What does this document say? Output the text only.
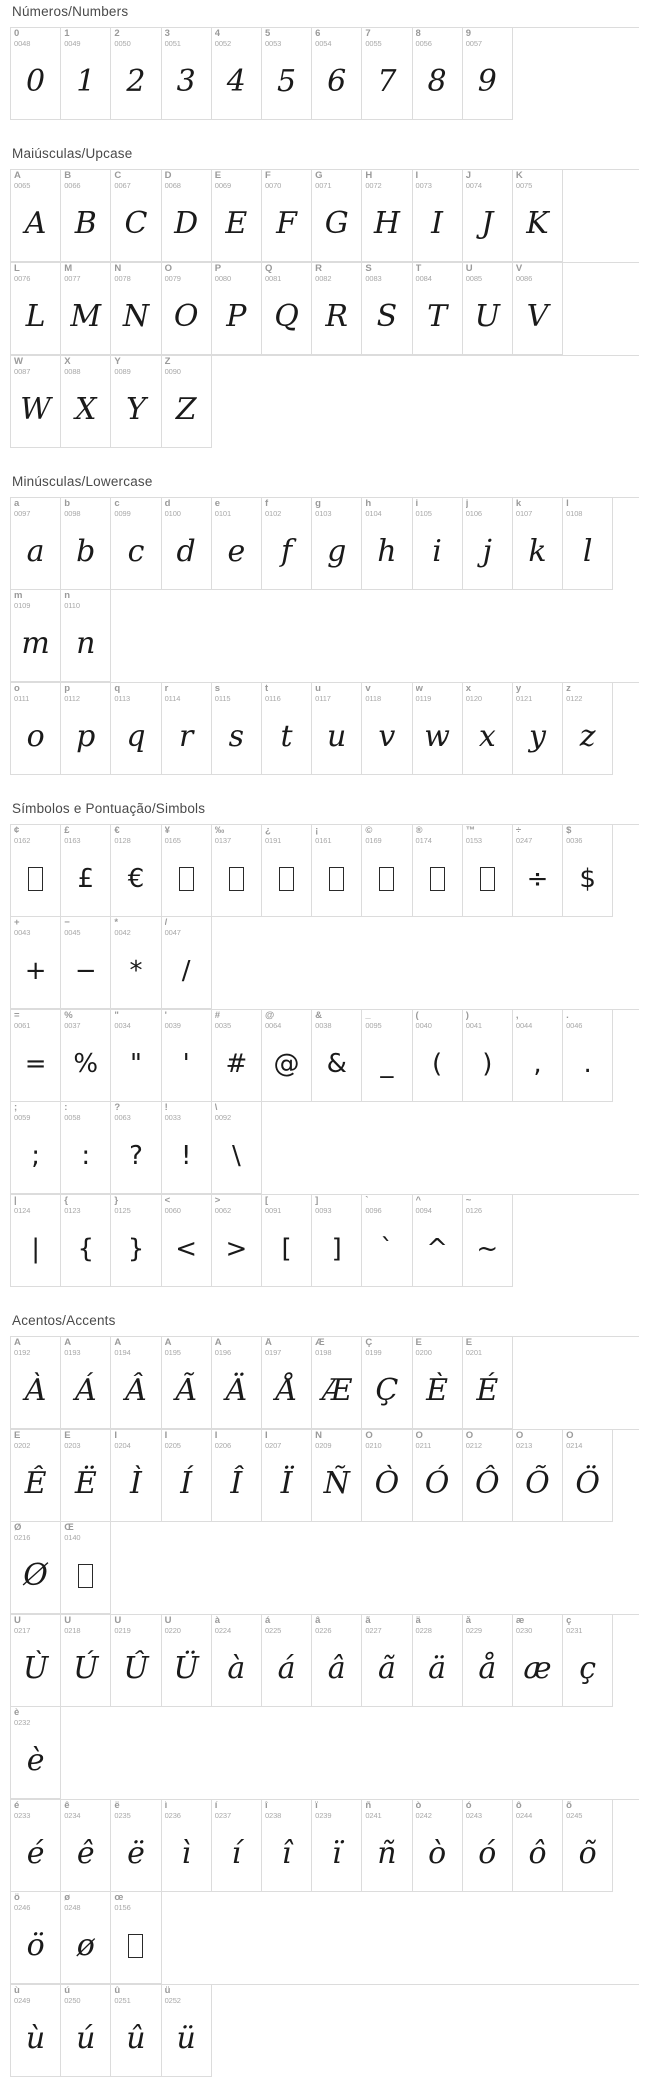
Números/Numbers
0
0048
0
1
0049
1
2
0050
2
3
0051
3
4
0052
4
5
0053
5
6
0054
6
7
0055
7
8
0056
8
9
0057
9
Maiúsculas/Upcase
A
0065
A
B
0066
B
C
0067
C
D
0068
D
E
0069
E
F
0070
F
G
0071
G
H
0072
H
I
0073
I
J
0074
J
K
0075
K
L
0076
L
M
0077
M
N
0078
N
O
0079
O
P
0080
P
Q
0081
Q
R
0082
R
S
0083
S
T
0084
T
U
0085
U
V
0086
V
W
0087
W
X
0088
X
Y
0089
Y
Z
0090
Z
Minúsculas/Lowercase
a
0097
a
b
0098
b
c
0099
c
d
0100
d
e
0101
e
f
0102
f
g
0103
g
h
0104
h
i
0105
i
j
0106
j
k
0107
k
l
0108
l
m
0109
m
n
0110
n
o
0111
o
p
0112
p
q
0113
q
r
0114
r
s
0115
s
t
0116
t
u
0117
u
v
0118
v
w
0119
w
x
0120
x
y
0121
y
z
0122
z
Símbolos e Pontuação/Simbols
¢
0162
£
0163
£
€
0128
€
¥
0165
‰
0137
¿
0191
¡
0161
©
0169
®
0174
™
0153
÷
0247
÷
$
0036
$
+
0043
+
−
0045
−
*
0042
*
/
0047
/
=
0061
=
%
0037
%
"
0034
"
'
0039
'
#
0035
#
@
0064
@
&
0038
&
_
0095
_
(
0040
(
)
0041
)
,
0044
,
.
0046
.
;
0059
;
:
0058
:
?
0063
?
!
0033
!
\
0092
\
|
0124
|
{
0123
{
}
0125
}
<
0060
<
>
0062
>
[
0091
[
]
0093
]
`
0096
`
^
0094
^
~
0126
~
Acentos/Accents
À
0192
À
Á
0193
Á
Â
0194
Â
Ã
0195
Ã
Ä
0196
Ä
Å
0197
Å
Æ
0198
Æ
Ç
0199
Ç
È
0200
È
É
0201
É
Ê
0202
Ê
Ë
0203
Ë
Ì
0204
Ì
Í
0205
Í
Î
0206
Î
Ï
0207
Ï
Ñ
0209
Ñ
Ò
0210
Ò
Ó
0211
Ó
Ô
0212
Ô
Õ
0213
Õ
Ö
0214
Ö
Ø
0216
Ø
Œ
0140
Ù
0217
Ù
Ú
0218
Ú
Û
0219
Û
Ü
0220
Ü
à
0224
à
á
0225
á
â
0226
â
ã
0227
ã
ä
0228
ä
å
0229
å
æ
0230
æ
ç
0231
ç
è
0232
è
é
0233
é
ê
0234
ê
ë
0235
ë
ì
0236
ì
í
0237
í
î
0238
î
ï
0239
ï
ñ
0241
ñ
ò
0242
ò
ó
0243
ó
ô
0244
ô
õ
0245
õ
ö
0246
ö
ø
0248
ø
œ
0156
ù
0249
ù
ú
0250
ú
û
0251
û
ü
0252
ü
